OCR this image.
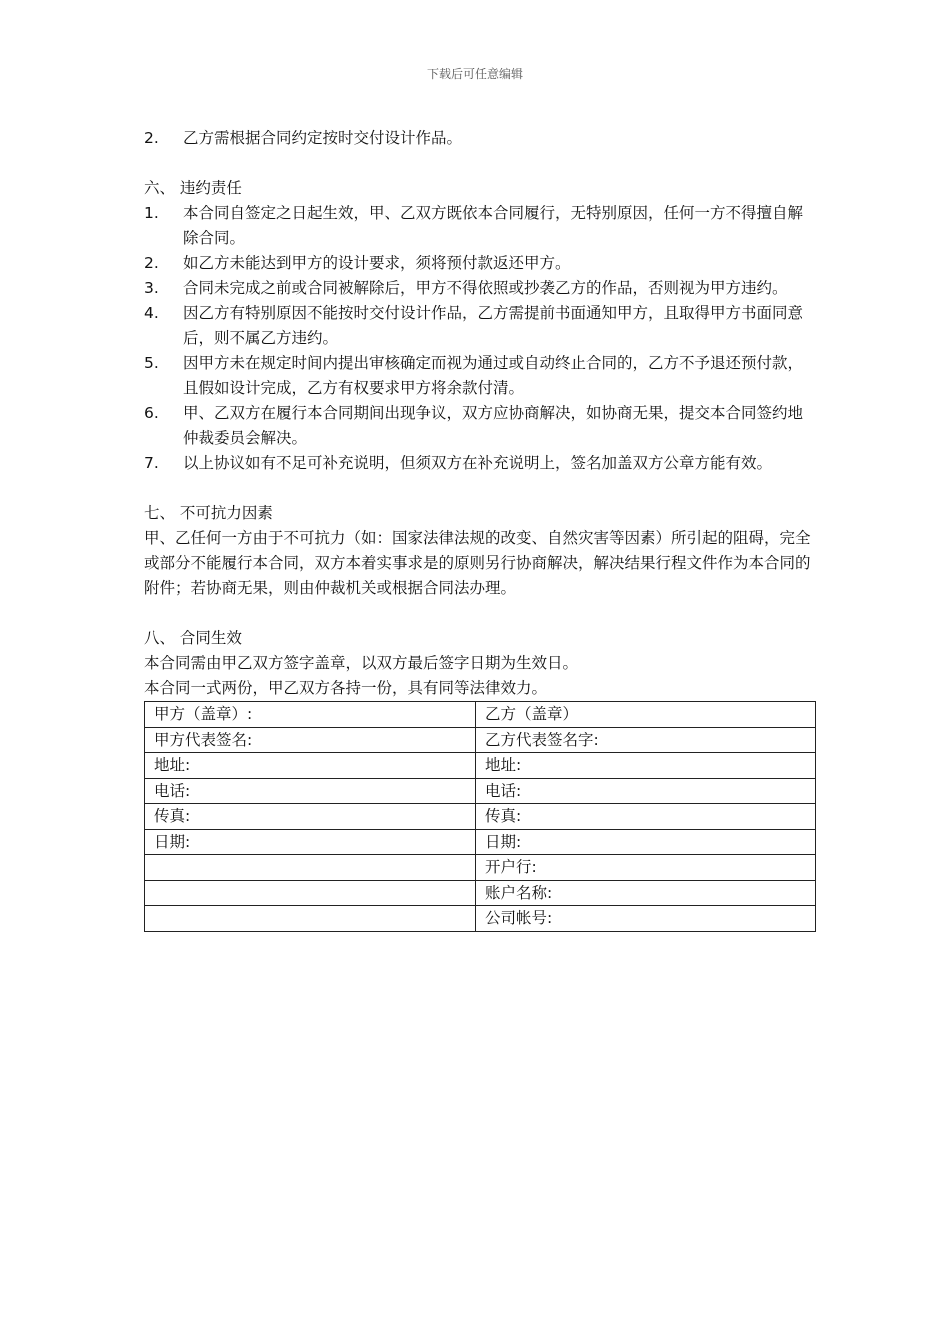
下载后可任意编辑
2.	乙方需根据合同约定按时交付设计作品。
六、 违约责任
1.	本合同自签定之日起生效，甲、乙双方既依本合同履行，无特别原因，任何一方不得擅自解除合同。
2.	如乙方未能达到甲方的设计要求，须将预付款返还甲方。
3.	合同未完成之前或合同被解除后，甲方不得依照或抄袭乙方的作品，否则视为甲方违约。
4.	因乙方有特别原因不能按时交付设计作品，乙方需提前书面通知甲方，且取得甲方书面同意后，则不属乙方违约。
5.	因甲方未在规定时间内提出审核确定而视为通过或自动终止合同的，乙方不予退还预付款，且假如设计完成，乙方有权要求甲方将余款付清。
6.	甲、乙双方在履行本合同期间出现争议，双方应协商解决，如协商无果，提交本合同签约地仲裁委员会解决。
7.	以上协议如有不足可补充说明，但须双方在补充说明上，签名加盖双方公章方能有效。
七、 不可抗力因素
甲、乙任何一方由于不可抗力（如：国家法律法规的改变、自然灾害等因素）所引起的阻碍，完全或部分不能履行本合同，双方本着实事求是的原则另行协商解决，解决结果行程文件作为本合同的附件；若协商无果，则由仲裁机关或根据合同法办理。
八、 合同生效
本合同需由甲乙双方签字盖章，以双方最后签字日期为生效日。
本合同一式两份，甲乙双方各持一份，具有同等法律效力。
甲方（盖章）:	乙方（盖章）
甲方代表签名:	乙方代表签名字:
地址:	地址:
电话:	电话:
传真:	传真:
日期:	日期:
	开户行:
	账户名称:
	公司帐号:
